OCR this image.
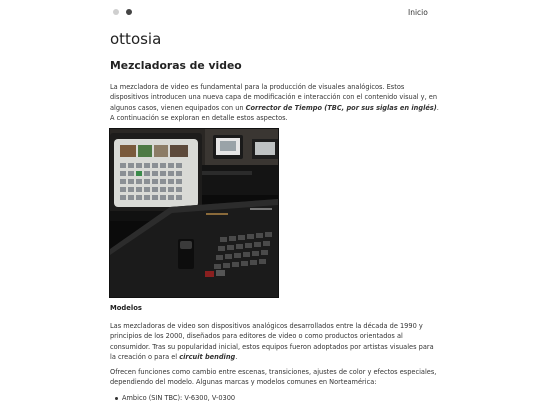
Inicio
ottosia
Mezcladoras de video

La mezcladora de video es fundamental para la producción de visuales analógicos. Estos dispositivos introducen una nueva capa de modificación e interacción con el contenido visual y, en algunos casos, vienen equipados con un Corrector de Tiempo (TBC, por sus siglas en inglés). A continuación se exploran en detalle estos aspectos.

Modelos

Las mezcladoras de video son dispositivos analógicos desarrollados entre la década de 1990 y principios de los 2000, diseñados para editores de video o como productos orientados al consumidor. Tras su popularidad inicial, estos equipos fueron adoptados por artistas visuales para la creación o para el circuit bending.

Ofrecen funciones como cambio entre escenas, transiciones, ajustes de color y efectos especiales, dependiendo del modelo. Algunas marcas y modelos comunes en Norteamérica:

Ambico (SIN TBC): V-6300, V-0300
